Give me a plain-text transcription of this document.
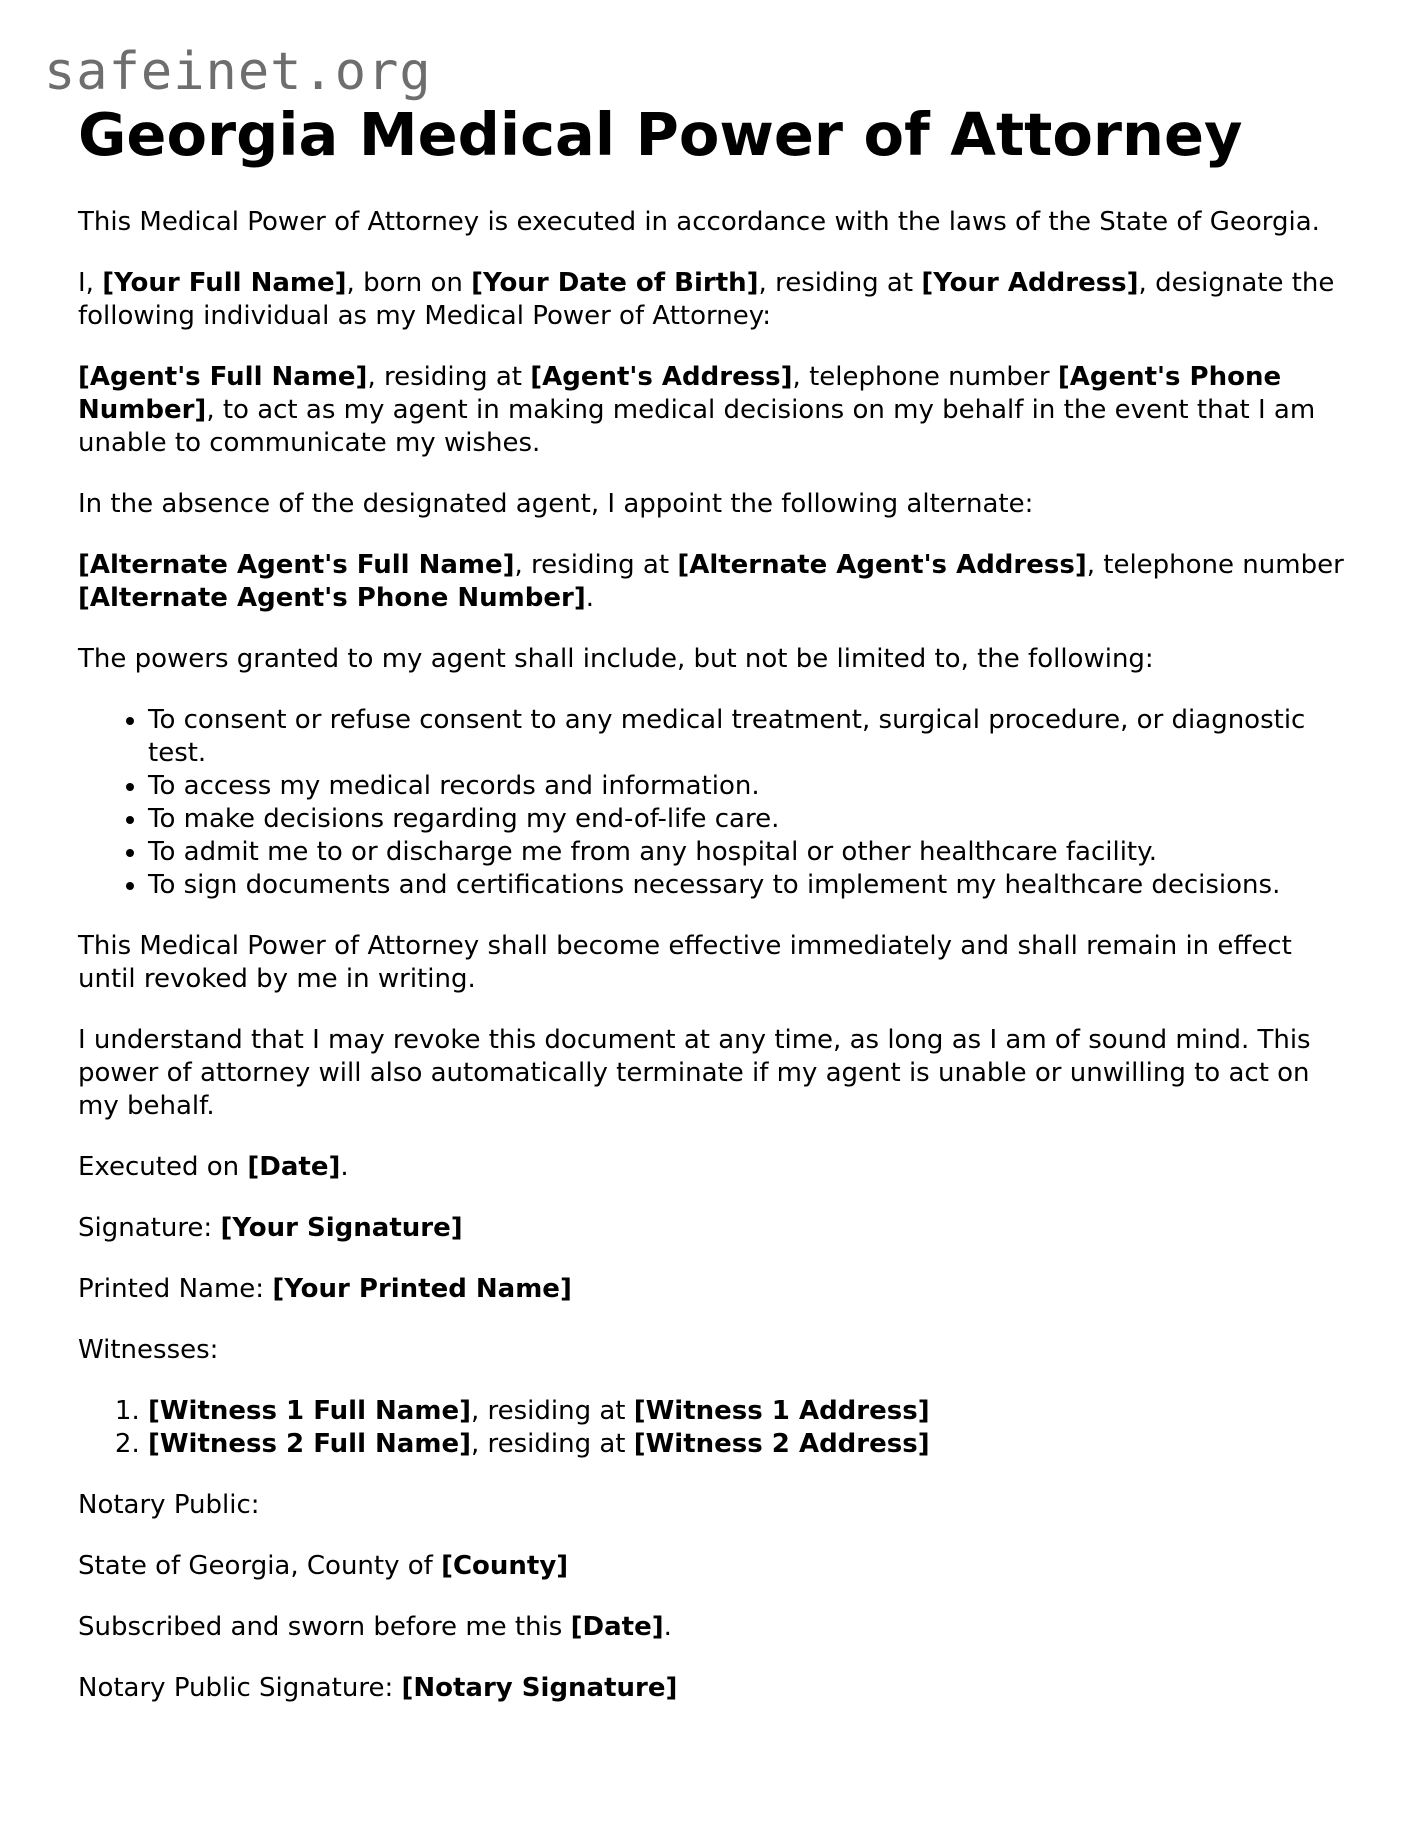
safeinet.org
Georgia Medical Power of Attorney

This Medical Power of Attorney is executed in accordance with the laws of the State of Georgia.

I, [Your Full Name], born on [Your Date of Birth], residing at [Your Address], designate the following individual as my Medical Power of Attorney:

[Agent's Full Name], residing at [Agent's Address], telephone number [Agent's Phone Number], to act as my agent in making medical decisions on my behalf in the event that I am unable to communicate my wishes.

In the absence of the designated agent, I appoint the following alternate:

[Alternate Agent's Full Name], residing at [Alternate Agent's Address], telephone number [Alternate Agent's Phone Number].

The powers granted to my agent shall include, but not be limited to, the following:

• To consent or refuse consent to any medical treatment, surgical procedure, or diagnostic test.
• To access my medical records and information.
• To make decisions regarding my end-of-life care.
• To admit me to or discharge me from any hospital or other healthcare facility.
• To sign documents and certifications necessary to implement my healthcare decisions.

This Medical Power of Attorney shall become effective immediately and shall remain in effect until revoked by me in writing.

I understand that I may revoke this document at any time, as long as I am of sound mind. This power of attorney will also automatically terminate if my agent is unable or unwilling to act on my behalf.

Executed on [Date].

Signature: [Your Signature]

Printed Name: [Your Printed Name]

Witnesses:

1. [Witness 1 Full Name], residing at [Witness 1 Address]
2. [Witness 2 Full Name], residing at [Witness 2 Address]

Notary Public:

State of Georgia, County of [County]

Subscribed and sworn before me this [Date].

Notary Public Signature: [Notary Signature]
